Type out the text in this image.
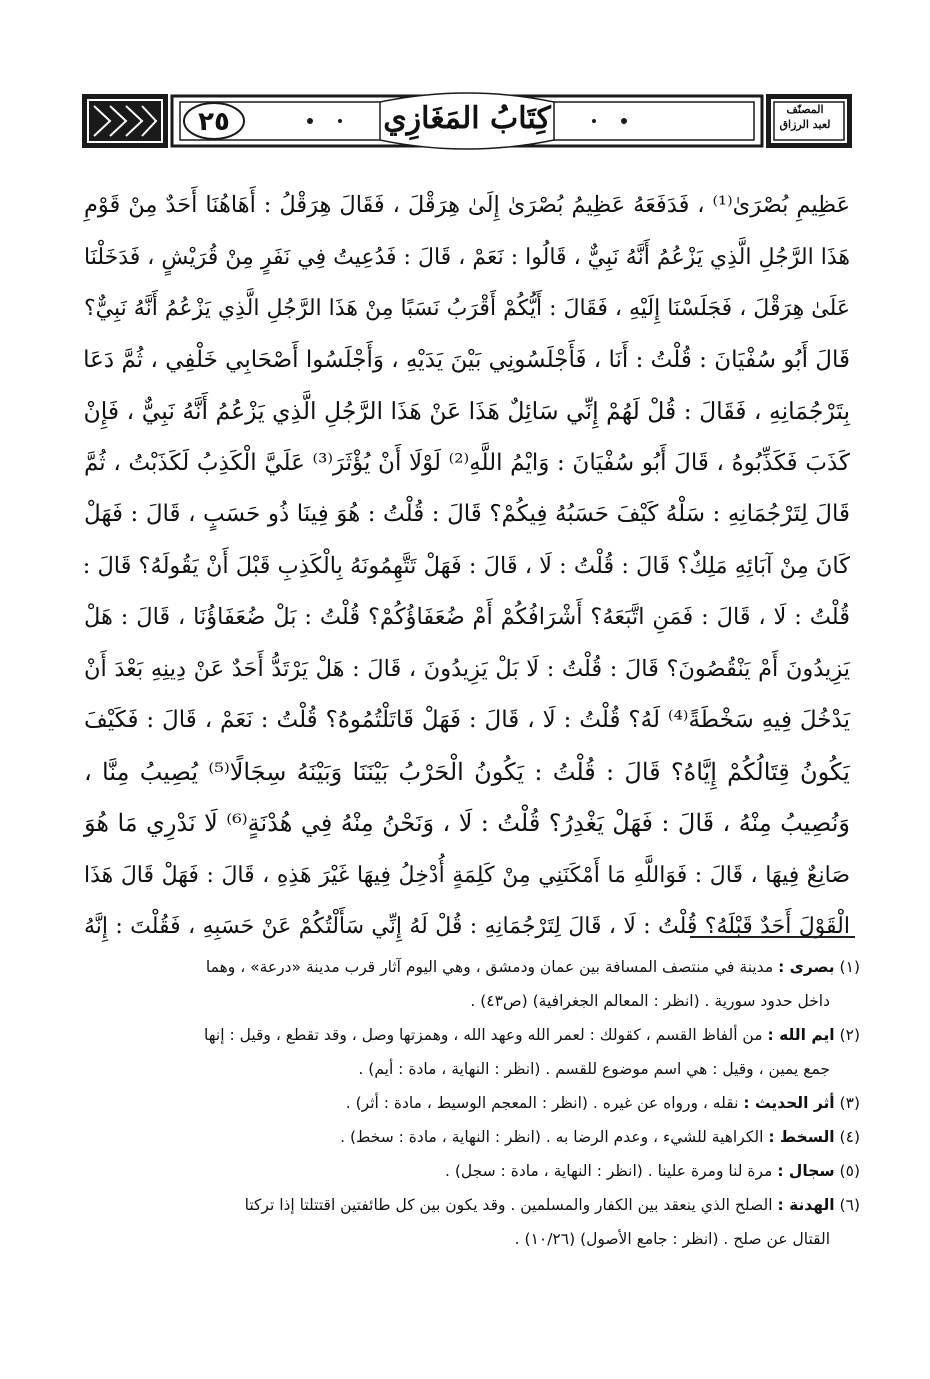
كِتَابُ المَغَازِي
٢٥	المصنّف
لعبد الرزاق
عَظِيمِ بُصْرَىٰ⁽¹⁾ ، فَدَفَعَهُ عَظِيمُ بُصْرَىٰ إِلَىٰ هِرَقْلَ ، فَقَالَ هِرَقْلُ : أَهَاهُنَا أَحَدٌ مِنْ قَوْمِ
هَذَا الرَّجُلِ الَّذِي يَزْعُمُ أَنَّهُ نَبِيٌّ ، قَالُوا : نَعَمْ ، قَالَ : فَدُعِيتُ فِي نَفَرٍ مِنْ قُرَيْشٍ ، فَدَخَلْنَا
عَلَىٰ هِرَقْلَ ، فَجَلَسْنَا إِلَيْهِ ، فَقَالَ : أَيُّكُمْ أَقْرَبُ نَسَبًا مِنْ هَذَا الرَّجُلِ الَّذِي يَزْعُمُ أَنَّهُ نَبِيٌّ؟
قَالَ أَبُو سُفْيَانَ : قُلْتُ : أَنَا ، فَأَجْلَسُونِي بَيْنَ يَدَيْهِ ، وَأَجْلَسُوا أَصْحَابِي خَلْفِي ، ثُمَّ دَعَا
بِتَرْجُمَانِهِ ، فَقَالَ : قُلْ لَهُمْ إِنِّي سَائِلٌ هَذَا عَنْ هَذَا الرَّجُلِ الَّذِي يَزْعُمُ أَنَّهُ نَبِيٌّ ، فَإِنْ
كَذَبَ فَكَذِّبُوهُ ، قَالَ أَبُو سُفْيَانَ : وَايْمُ اللَّهِ⁽²⁾ لَوْلَا أَنْ يُؤْثَرَ⁽³⁾ عَلَيَّ الْكَذِبُ لَكَذَبْتُ ، ثُمَّ
قَالَ لِتَرْجُمَانِهِ : سَلْهُ كَيْفَ حَسَبُهُ فِيكُمْ؟ قَالَ : قُلْتُ : هُوَ فِينَا ذُو حَسَبٍ ، قَالَ : فَهَلْ
كَانَ مِنْ آبَائِهِ مَلِكٌ؟ قَالَ : قُلْتُ : لَا ، قَالَ : فَهَلْ تَتَّهِمُونَهُ بِالْكَذِبِ قَبْلَ أَنْ يَقُولَهُ؟ قَالَ :
قُلْتُ : لَا ، قَالَ : فَمَنِ اتَّبَعَهُ؟ أَشْرَافُكُمْ أَمْ ضُعَفَاؤُكُمْ؟ قُلْتُ : بَلْ ضُعَفَاؤُنَا ، قَالَ : هَلْ
يَزِيدُونَ أَمْ يَنْقُصُونَ؟ قَالَ : قُلْتُ : لَا بَلْ يَزِيدُونَ ، قَالَ : هَلْ يَرْتَدُّ أَحَدٌ عَنْ دِينِهِ بَعْدَ أَنْ
يَدْخُلَ فِيهِ سَخْطَةً⁽⁴⁾ لَهُ؟ قُلْتُ : لَا ، قَالَ : فَهَلْ قَاتَلْتُمُوهُ؟ قُلْتُ : نَعَمْ ، قَالَ : فَكَيْفَ
يَكُونُ قِتَالُكُمْ إِيَّاهُ؟ قَالَ : قُلْتُ : يَكُونُ الْحَرْبُ بَيْنَنَا وَبَيْنَهُ سِجَالًا⁽⁵⁾ يُصِيبُ مِنَّا ،
وَنُصِيبُ مِنْهُ ، قَالَ : فَهَلْ يَغْدِرُ؟ قُلْتُ : لَا ، وَنَحْنُ مِنْهُ فِي هُدْنَةٍ⁽⁶⁾ لَا نَدْرِي مَا هُوَ
صَانِعٌ فِيهَا ، قَالَ : فَوَاللَّهِ مَا أَمْكَنَنِي مِنْ كَلِمَةٍ أُدْخِلُ فِيهَا غَيْرَ هَذِهِ ، قَالَ : فَهَلْ قَالَ هَذَا
الْقَوْلَ أَحَدٌ قَبْلَهُ؟ قُلْتُ : لَا ، قَالَ لِتَرْجُمَانِهِ : قُلْ لَهُ إِنِّي سَأَلْتُكُمْ عَنْ حَسَبِهِ ، فَقُلْتَ : إِنَّهُ
(١) بصرى : مدينة في منتصف المسافة بين عمان ودمشق ، وهي اليوم آثار قرب مدينة «درعة» ، وهما
داخل حدود سورية . (انظر : المعالم الجغرافية) (ص٤٣) .
(٢) ايم الله : من ألفاظ القسم ، كقولك : لعمر الله وعهد الله ، وهمزتها وصل ، وقد تقطع ، وقيل : إنها
جمع يمين ، وقيل : هي اسم موضوع للقسم . (انظر : النهاية ، مادة : أيم) .
(٣) أثر الحديث : نقله ، ورواه عن غيره . (انظر : المعجم الوسيط ، مادة : أثر) .
(٤) السخط : الكراهية للشيء ، وعدم الرضا به . (انظر : النهاية ، مادة : سخط) .
(٥) سجال : مرة لنا ومرة علينا . (انظر : النهاية ، مادة : سجل) .
(٦) الهدنة : الصلح الذي ينعقد بين الكفار والمسلمين . وقد يكون بين كل طائفتين اقتتلتا إذا تركتا
القتال عن صلح . (انظر : جامع الأصول) (١٠/٢٦) .
